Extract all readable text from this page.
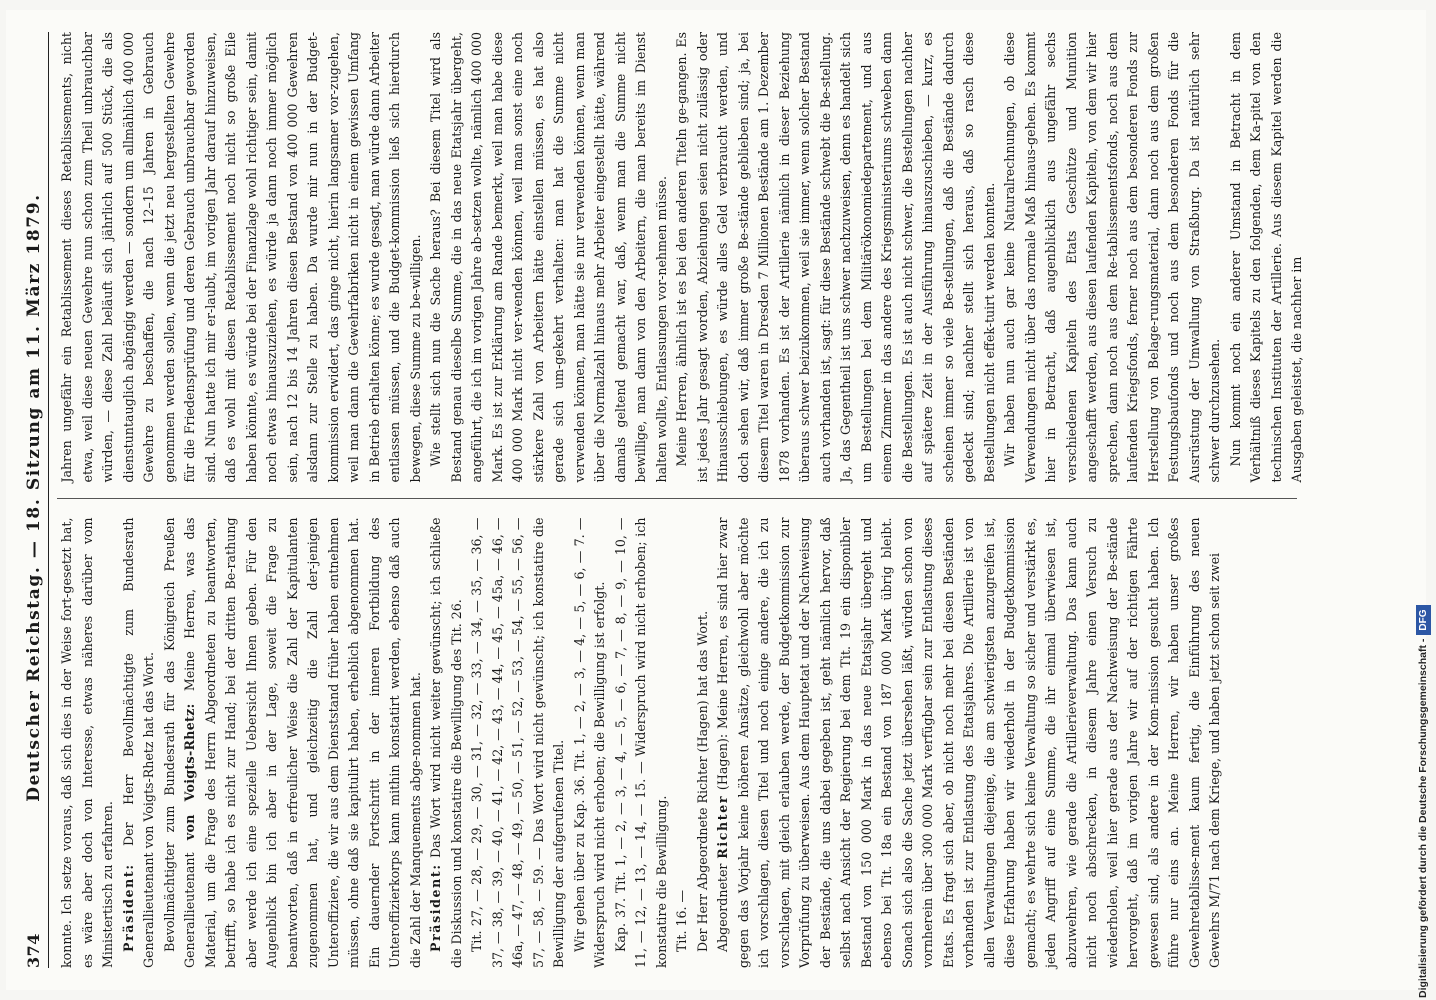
374
Deutscher Reichstag. — 18. Sitzung am 11. März 1879. konnte. Ich setze voraus, daß sich dies in der Weise fort-gesetzt hat, es wäre aber doch von Interesse, etwas näheres darüber vom Ministertisch zu erfahren. Präsident: Der Herr Bevollmächtigte zum Bundesrath Generallieutenant von Voigts-Rhetz hat das Wort. Bevollmächtigter zum Bundesrath für das Königreich Preußen Generallieutenant von Voigts-Rhetz: Meine Herren, was das Material, um die Frage des Herrn Abgeordneten zu beantworten, betrifft, so habe ich es nicht zur Hand; bei der dritten Be-rathung aber werde ich eine spezielle Uebersicht Ihnen geben. Für den Augenblick bin ich aber in der Lage, soweit die Frage zu beantworten, daß in erfreulicher Weise die Zahl der Kapitulanten zugenommen hat, und gleichzeitig die Zahl der-jenigen Unteroffiziere, die wir aus dem Dienststand früher haben entnehmen müssen, ohne daß sie kapitulirt haben, erheblich abgenommen hat. Ein dauernder Fortschritt in der inneren Fortbildung des Unteroffizierkorps kann mithin konstatirt werden, ebenso daß auch die Zahl der Manquements abge-nommen hat. Präsident: Das Wort wird nicht weiter gewünscht; ich schließe die Diskussion und konstatire die Bewilligung des Tit. 26. Tit. 27, — 28, — 29, — 30, — 31, — 32, — 33, — 34, — 35, — 36, — 37, — 38, — 39, — 40, — 41, — 42, — 43, — 44, — 45, — 45a, — 46, — 46a, — 47, — 48, — 49, — 50, — 51, — 52, — 53, — 54, — 55, — 56, — 57, — 58, — 59. — Das Wort wird nicht gewünscht; ich konstatire die Bewilligung der aufgerufenen Titel. Wir gehen über zu Kap. 36. Tit. 1, — 2, — 3, — 4, — 5, — 6, — 7. — Widerspruch wird nicht erhoben; die Bewilligung ist erfolgt. Kap. 37. Tit. 1, — 2, — 3, — 4, — 5, — 6, — 7, — 8, — 9, — 10, — 11, — 12, — 13, — 14, — 15. — Widerspruch wird nicht erhoben; ich konstatire die Bewilligung. Tit. 16. — Der Herr Abgeordnete Richter (Hagen) hat das Wort. Abgeordneter Richter (Hagen): Meine Herren, es sind hier zwar gegen das Vorjahr keine höheren Ansätze, gleichwohl aber möchte ich vorschlagen, diesen Titel und noch einige andere, die ich zu vorschlagen, mit gleich erlauben werde, der Budgetkommission zur Vorprüfung zu überweisen. Aus dem Hauptetat und der Nachweisung der Bestände, die uns dabei gegeben ist, geht nämlich hervor, daß selbst nach Ansicht der Regierung bei dem Tit. 19 ein disponibler Bestand von 150 000 Mark in das neue Etatsjahr übergeht und ebenso bei Tit. 18a ein Bestand von 187 000 Mark übrig bleibt. Sonach sich also die Sache jetzt übersehen läßt, würden schon von vornherein über 300 000 Mark verfügbar sein zur Entlastung dieses Etats. Es fragt sich aber, ob nicht noch mehr bei diesen Beständen vorhanden ist zur Entlastung des Etatsjahres. Die Artillerie ist von allen Verwaltungen diejenige, die am schwierigsten anzugreifen ist, diese Erfahrung haben wir wiederholt in der Budgetkommission gemacht; es wehrte sich keine Verwaltung so sicher und verstärkt es, jeden Angriff auf eine Summe, die ihr einmal überwiesen ist, abzuwehren, wie gerade die Artillerieverwaltung. Das kann auch nicht noch abschrecken, in diesem Jahre einen Versuch zu wiederholen, weil hier gerade aus der Nachweisung der Be-stände hervorgeht, daß im vorigen Jahre wir auf der richtigen Fährte gewesen sind, als andere in der Kom-mission gesucht haben. Ich führe nur eins an. Meine Herren, wir haben unser großes Gewehretablisse-ment kaum fertig, die Einführung des neuen Gewehrs M/71 nach dem Kriege, und haben jetzt schon seit zwei

Jahren ungefähr ein Retablissement dieses Retablissements, nicht etwa, weil diese neuen Gewehre nun schon zum Theil unbrauchbar würden, — diese Zahl beläuft sich jährlich auf 500 Stück, die als dienstuntauglich abgängig werden — sondern um allmählich 400 000 Gewehre zu beschaffen, die nach 12–15 Jahren in Gebrauch genommen werden sollen, wenn die jetzt neu hergestellten Gewehre für die Friedensprüfung und deren Gebrauch unbrauchbar geworden sind. Nun hatte ich mir er-laubt, im vorigen Jahr darauf hinzuweisen, daß es wohl mit diesen Retablissement noch nicht so große Eile haben könnte, es würde bei der Finanzlage wohl richtiger sein, damit noch etwas hinauszuziehen, es würde ja dann noch immer möglich sein, nach 12 bis 14 Jahren diesen Bestand von 400 000 Gewehren alsdann zur Stelle zu haben. Da wurde mir nun in der Budget-kommission erwidert, das ginge nicht, hierin langsamer vor-zugehen, weil man dann die Gewehrfabriken nicht in einem gewissen Umfang in Betrieb erhalten könne; es wurde gesagt, man würde dann Arbeiter entlassen müssen, und die Budget-kommission ließ sich hierdurch bewegen, diese Summe zu be-willigen. Wie stellt sich nun die Sache heraus? Bei diesem Titel wird als Bestand genau dieselbe Summe, die in das neue Etatsjahr übergeht, angeführt, die ich im vorigen Jahre ab-setzen wollte, nämlich 400 000 Mark. Es ist zur Erklärung am Rande bemerkt, weil man habe diese 400 000 Mark nicht ver-wenden können, weil man sonst eine noch stärkere Zahl von Arbeitern hätte einstellen müssen, es hat also gerade sich um-gekehrt verhalten: man hat die Summe nicht verwenden können, man hätte sie nur verwenden können, wenn man über die Normalzahl hinaus mehr Arbeiter eingestellt hätte, während damals geltend gemacht war, daß, wenn man die Summe nicht bewillige, man dann von den Arbeitern, die man bereits im Dienst halten wollte, Entlassungen vor-nehmen müsse. Meine Herren, ähnlich ist es bei den anderen Titeln ge-gangen. Es ist jedes Jahr gesagt worden, Abziehungen seien nicht zulässig oder Hinausschiebungen, es würde alles Geld verbraucht werden, und doch sehen wir, daß immer große Be-stände geblieben sind; ja, bei diesem Titel waren in Dresden 7 Millionen Bestände am 1. Dezember 1878 vorhanden. Es ist der Artillerie nämlich in dieser Beziehung überaus schwer beizukommen, weil sie immer, wenn solcher Bestand auch vorhanden ist, sagt: für diese Bestände schwebt die Be-stellung. Ja, das Gegentheil ist uns schwer nachzuweisen, denn es handelt sich um Bestellungen bei dem Militärökonomiedepartement, und aus einem Zimmer in das andere des Kriegsministeriums schweben dann die Bestellungen. Es ist auch nicht schwer, die Bestellungen nachher auf spätere Zeit in der Ausführung hinauszuschieben, — kurz, es scheinen immer so viele Be-stellungen, daß die Bestände dadurch gedeckt sind; nachher stellt sich heraus, daß so rasch diese Bestellungen nicht effek-tuirt werden konnten. Wir haben nun auch gar keine Naturalrechnungen, ob diese Verwendungen nicht über das normale Maß hinaus-gehen. Es kommt hier in Betracht, daß augenblicklich aus ungefähr sechs verschiedenen Kapiteln des Etats Geschütze und Munition angeschafft werden, aus diesen laufenden Kapiteln, von dem wir hier sprechen, dann noch aus dem Re-tablissementsfonds, noch aus dem laufenden Kriegsfonds, ferner noch aus dem besonderen Fonds zur Herstellung von Belage-rungsmaterial, dann noch aus dem großen Festungsbaufonds und noch aus dem besonderen Fonds für die Ausrüstung der Umwallung von Straßburg. Da ist natürlich sehr schwer durchzusehen. Nun kommt noch ein anderer Umstand in Betracht in dem Verhältniß dieses Kapitels zu den folgenden, dem Ka-pitel von den technischen Instituten der Artillerie. Aus diesem Kapitel werden die Ausgaben geleistet, die nachher im

Digitalisierung gefördert durch die Deutsche Forschungsgemeinschaft -DFG
